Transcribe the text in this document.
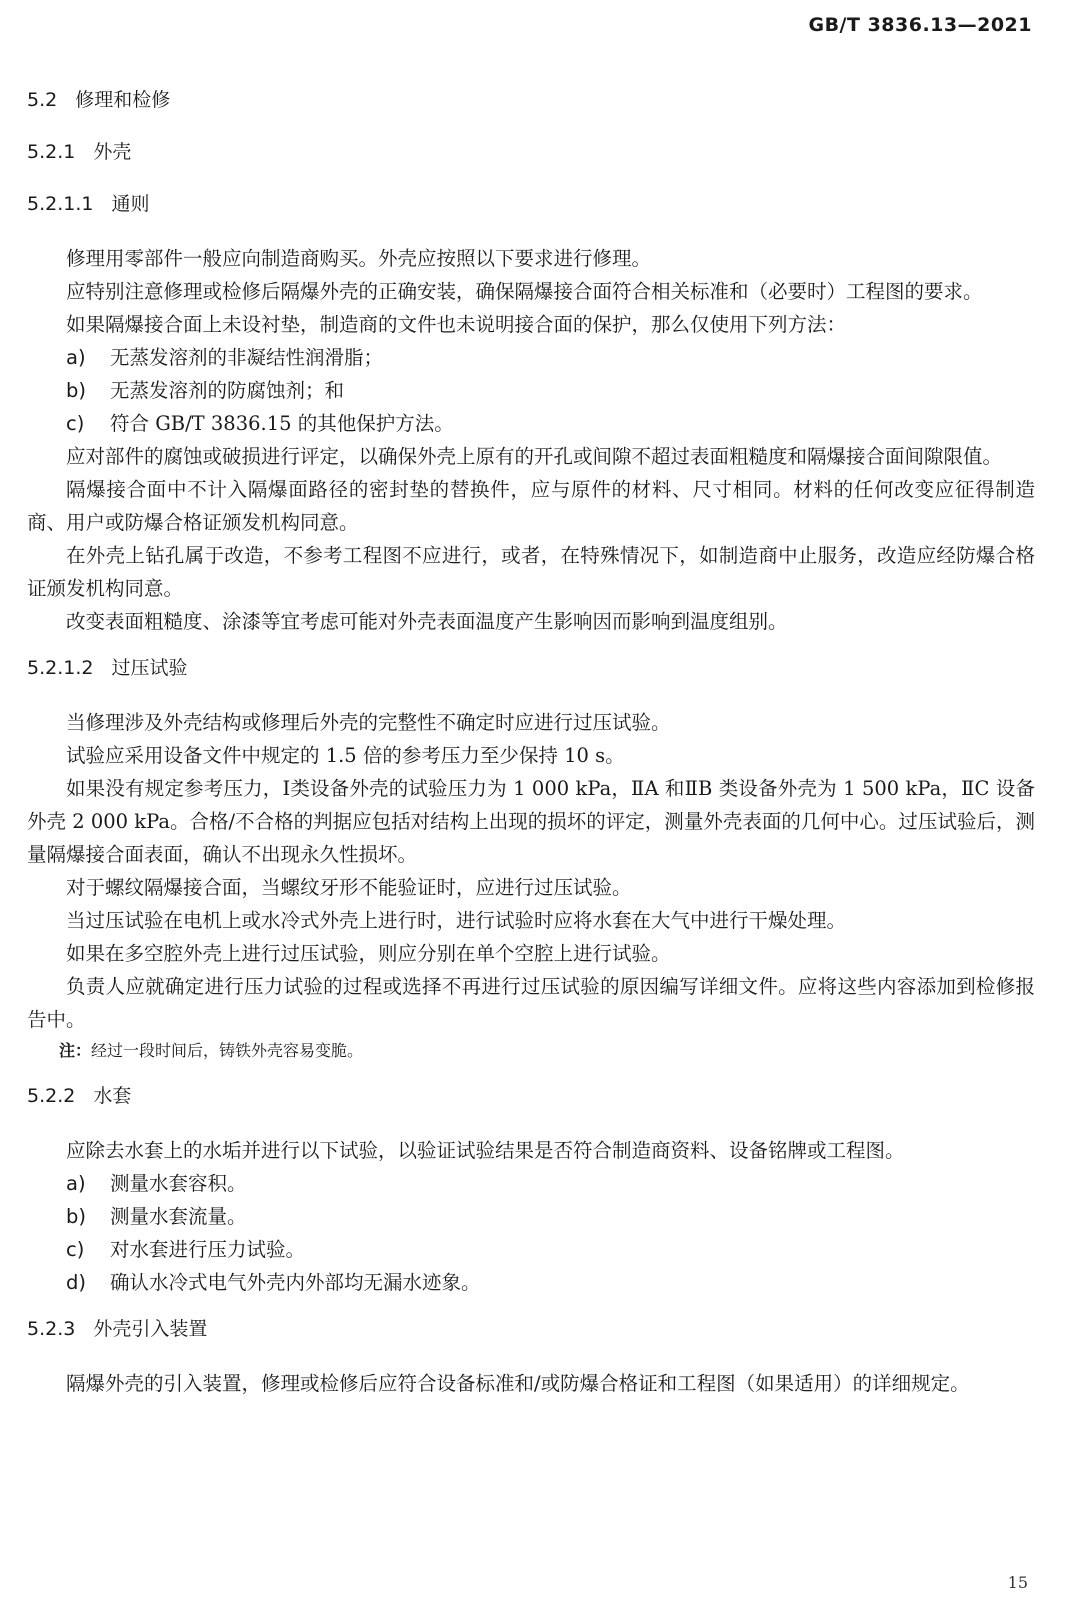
GB/T 3836.13—2021
5.2 修理和检修
5.2.1 外壳
5.2.1.1 通则

修理用零部件一般应向制造商购买。外壳应按照以下要求进行修理。

应特别注意修理或检修后隔爆外壳的正确安装，确保隔爆接合面符合相关标准和（必要时）工程图的要求。

如果隔爆接合面上未设衬垫，制造商的文件也未说明接合面的保护，那么仅使用下列方法：

a) 无蒸发溶剂的非凝结性润滑脂；
b) 无蒸发溶剂的防腐蚀剂；和
c) 符合 GB/T 3836.15 的其他保护方法。

应对部件的腐蚀或破损进行评定，以确保外壳上原有的开孔或间隙不超过表面粗糙度和隔爆接合面间隙限值。

隔爆接合面中不计入隔爆面路径的密封垫的替换件，应与原件的材料、尺寸相同。材料的任何改变应征得制造商、用户或防爆合格证颁发机构同意。

在外壳上钻孔属于改造，不参考工程图不应进行，或者，在特殊情况下，如制造商中止服务，改造应经防爆合格证颁发机构同意。

改变表面粗糙度、涂漆等宜考虑可能对外壳表面温度产生影响因而影响到温度组别。

5.2.1.2 过压试验

当修理涉及外壳结构或修理后外壳的完整性不确定时应进行过压试验。

试验应采用设备文件中规定的 1.5 倍的参考压力至少保持 10 s。

如果没有规定参考压力，Ⅰ类设备外壳的试验压力为 1 000 kPa，ⅡA 和ⅡB 类设备外壳为 1 500 kPa，ⅡC 设备外壳 2 000 kPa。合格/不合格的判据应包括对结构上出现的损坏的评定，测量外壳表面的几何中心。过压试验后，测量隔爆接合面表面，确认不出现永久性损坏。

对于螺纹隔爆接合面，当螺纹牙形不能验证时，应进行过压试验。

当过压试验在电机上或水冷式外壳上进行时，进行试验时应将水套在大气中进行干燥处理。

如果在多空腔外壳上进行过压试验，则应分别在单个空腔上进行试验。

负责人应就确定进行压力试验的过程或选择不再进行过压试验的原因编写详细文件。应将这些内容添加到检修报告中。

注：经过一段时间后，铸铁外壳容易变脆。
5.2.2 水套

应除去水套上的水垢并进行以下试验，以验证试验结果是否符合制造商资料、设备铭牌或工程图。

a) 测量水套容积。
b) 测量水套流量。
c) 对水套进行压力试验。
d) 确认水冷式电气外壳内外部均无漏水迹象。
5.2.3 外壳引入装置

隔爆外壳的引入装置，修理或检修后应符合设备标准和/或防爆合格证和工程图（如果适用）的详细规定。

15
